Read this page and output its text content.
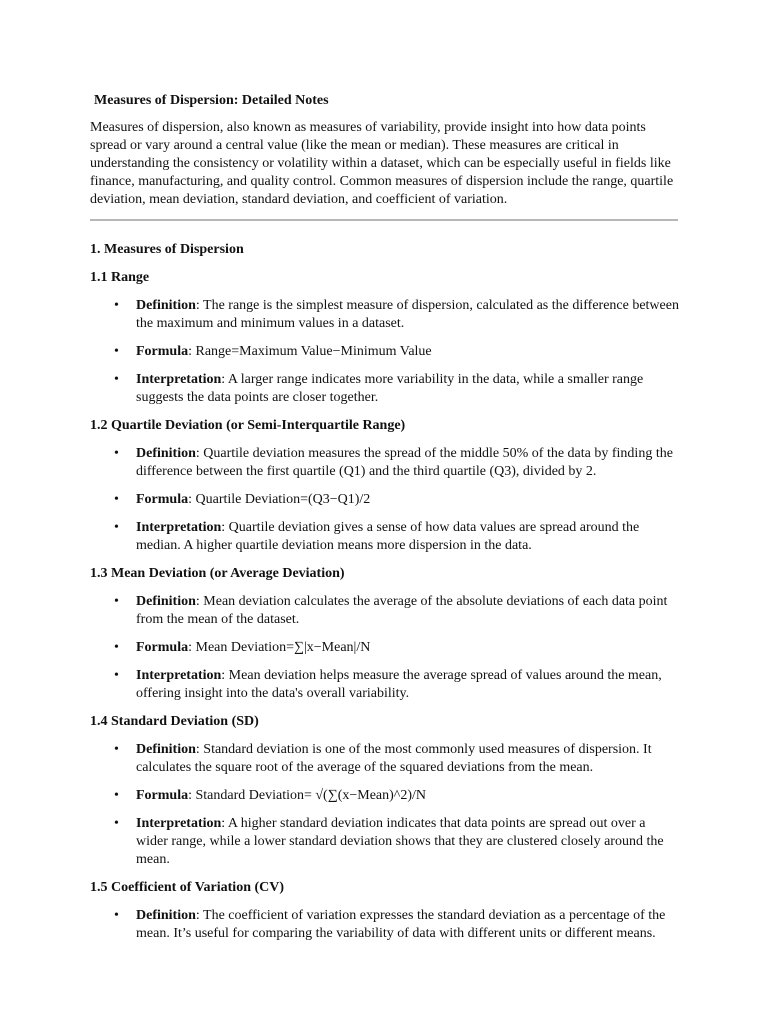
Measures of Dispersion: Detailed Notes

Measures of dispersion, also known as measures of variability, provide insight into how data points spread or vary around a central value (like the mean or median). These measures are critical in understanding the consistency or volatility within a dataset, which can be especially useful in fields like finance, manufacturing, and quality control. Common measures of dispersion include the range, quartile deviation, mean deviation, standard deviation, and coefficient of variation.

1. Measures of Dispersion
1.1 Range
• Definition: The range is the simplest measure of dispersion, calculated as the difference between the maximum and minimum values in a dataset.
• Formula: Range=Maximum Value−Minimum Value
• Interpretation: A larger range indicates more variability in the data, while a smaller range suggests the data points are closer together.
1.2 Quartile Deviation (or Semi-Interquartile Range)
• Definition: Quartile deviation measures the spread of the middle 50% of the data by finding the difference between the first quartile (Q1) and the third quartile (Q3), divided by 2.
• Formula: Quartile Deviation=(Q3−Q1)/2
• Interpretation: Quartile deviation gives a sense of how data values are spread around the median. A higher quartile deviation means more dispersion in the data.
1.3 Mean Deviation (or Average Deviation)
• Definition: Mean deviation calculates the average of the absolute deviations of each data point from the mean of the dataset.
• Formula: Mean Deviation=∑|x−Mean|/N
• Interpretation: Mean deviation helps measure the average spread of values around the mean, offering insight into the data's overall variability.
1.4 Standard Deviation (SD)
• Definition: Standard deviation is one of the most commonly used measures of dispersion. It calculates the square root of the average of the squared deviations from the mean.
• Formula: Standard Deviation= √(∑(x−Mean)^2)/N
• Interpretation: A higher standard deviation indicates that data points are spread out over a wider range, while a lower standard deviation shows that they are clustered closely around the mean.
1.5 Coefficient of Variation (CV)
• Definition: The coefficient of variation expresses the standard deviation as a percentage of the mean. It’s useful for comparing the variability of data with different units or different means.
